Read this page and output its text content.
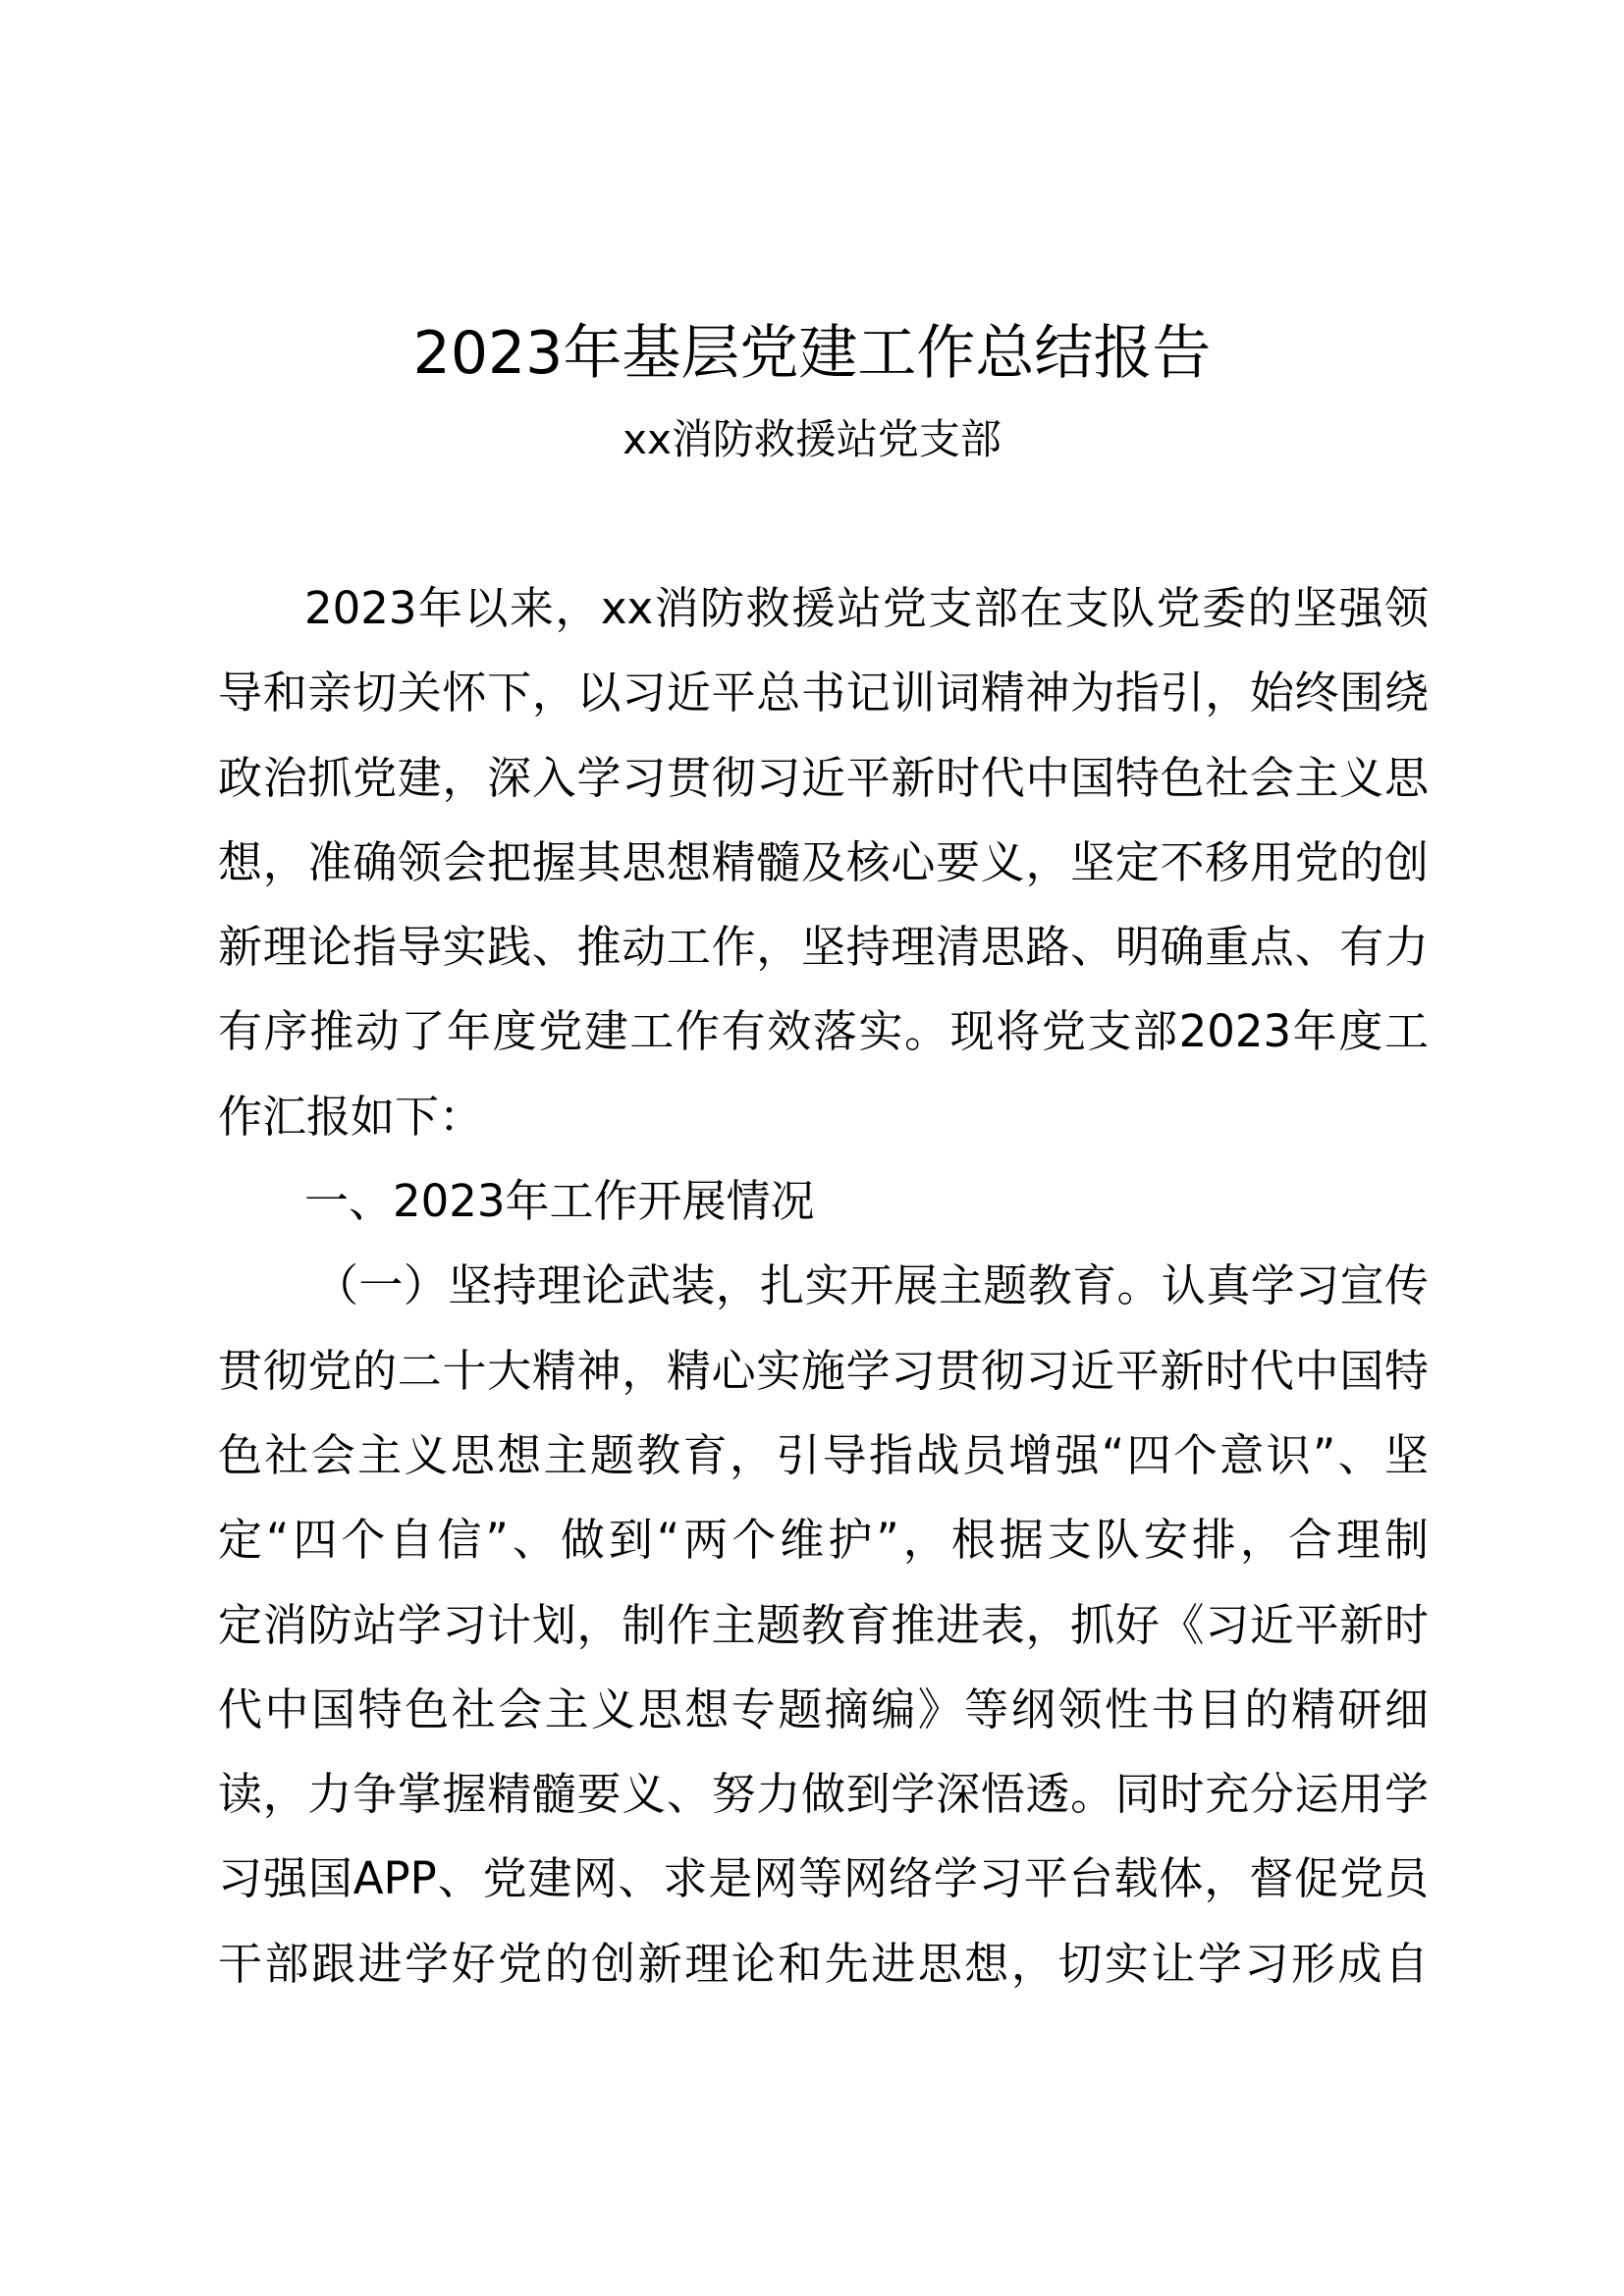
2023年基层党建工作总结报告
xx消防救援站党支部
2023年以来，xx消防救援站党支部在支队党委的坚强领
导和亲切关怀下，以习近平总书记训词精神为指引，始终围绕
政治抓党建，深入学习贯彻习近平新时代中国特色社会主义思
想，准确领会把握其思想精髓及核心要义，坚定不移用党的创
新理论指导实践、推动工作，坚持理清思路、明确重点、有力
有序推动了年度党建工作有效落实。现将党支部2023年度工
作汇报如下：
一、2023年工作开展情况
（一）坚持理论武装，扎实开展主题教育。认真学习宣传
贯彻党的二十大精神，精心实施学习贯彻习近平新时代中国特
色社会主义思想主题教育，引导指战员增强“四个意识”、坚
定“四个自信”、做到“两个维护”，根据支队安排，合理制
定消防站学习计划，制作主题教育推进表，抓好《习近平新时
代中国特色社会主义思想专题摘编》等纲领性书目的精研细
读，力争掌握精髓要义、努力做到学深悟透。同时充分运用学
习强国APP、党建网、求是网等网络学习平台载体，督促党员
干部跟进学好党的创新理论和先进思想，切实让学习形成自
